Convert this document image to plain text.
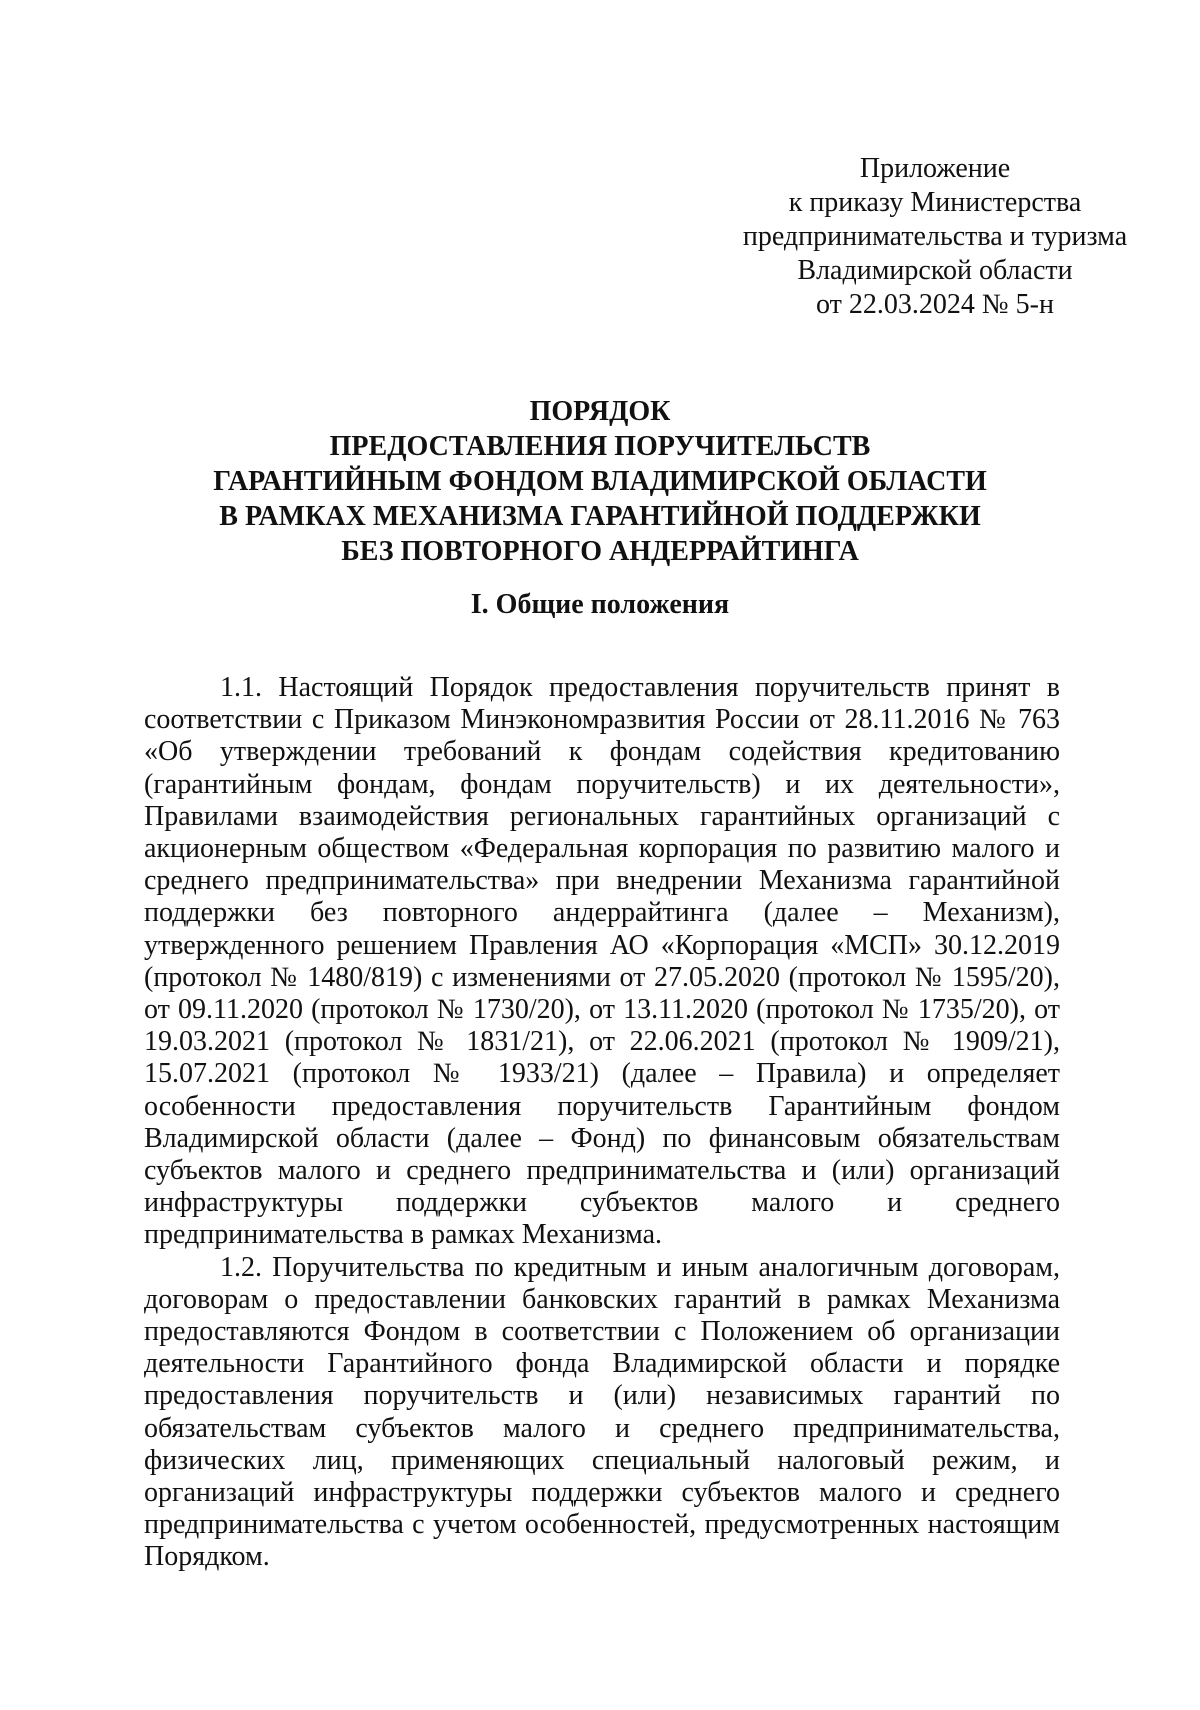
Приложение
к приказу Министерства
предпринимательства и туризма
Владимирской области
от 22.03.2024 № 5-н
ПОРЯДОК
ПРЕДОСТАВЛЕНИЯ ПОРУЧИТЕЛЬСТВ
ГАРАНТИЙНЫМ ФОНДОМ ВЛАДИМИРСКОЙ ОБЛАСТИ
В РАМКАХ МЕХАНИЗМА ГАРАНТИЙНОЙ ПОДДЕРЖКИ
БЕЗ ПОВТОРНОГО АНДЕРРАЙТИНГА
I. Общие положения

1.1. Настоящий Порядок предоставления поручительств принят в соответствии с Приказом Минэкономразвития России от 28.11.2016 № 763 «Об утверждении требований к фондам содействия кредитованию (гарантийным фондам, фондам поручительств) и их деятельности», Правилами взаимодействия региональных гарантийных организаций с акционерным обществом «Федеральная корпорация по развитию малого и среднего предпринимательства» при внедрении Механизма гарантийной поддержки без повторного андеррайтинга (далее – Механизм), утвержденного решением Правления АО «Корпорация «МСП» 30.12.2019 (протокол № 1480/819) с изменениями от 27.05.2020 (протокол № 1595/20), от 09.11.2020 (протокол № 1730/20), от 13.11.2020 (протокол № 1735/20), от 19.03.2021 (протокол № 1831/21), от 22.06.2021 (протокол № 1909/21), 15.07.2021 (протокол № 1933/21) (далее – Правила) и определяет особенности предоставления поручительств Гарантийным фондом Владимирской области (далее – Фонд) по финансовым обязательствам субъектов малого и среднего предпринимательства и (или) организаций инфраструктуры поддержки субъектов малого и среднего предпринимательства в рамках Механизма.

1.2. Поручительства по кредитным и иным аналогичным договорам, договорам о предоставлении банковских гарантий в рамках Механизма предоставляются Фондом в соответствии с Положением об организации деятельности Гарантийного фонда Владимирской области и порядке предоставления поручительств и (или) независимых гарантий по обязательствам субъектов малого и среднего предпринимательства, физических лиц, применяющих специальный налоговый режим, и организаций инфраструктуры поддержки субъектов малого и среднего предпринимательства с учетом особенностей, предусмотренных настоящим Порядком.
